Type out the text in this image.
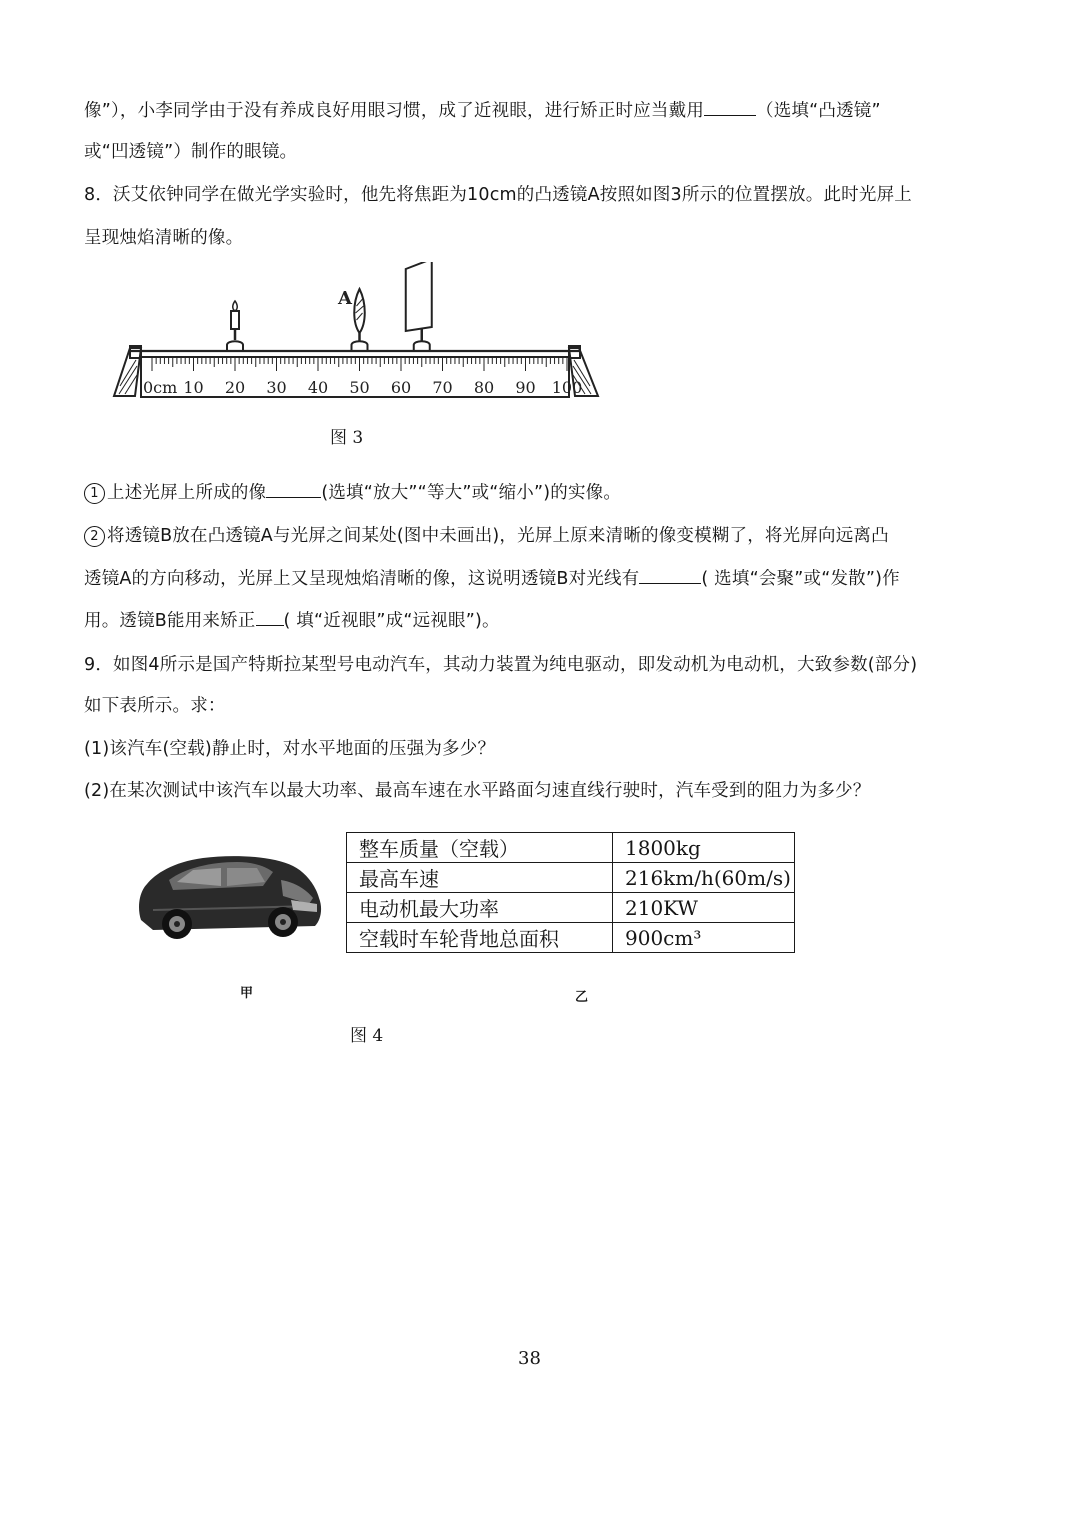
像”），小李同学由于没有养成良好用眼习惯，成了近视眼，进行矫正时应当戴用	（选填“凸透镜”
或“凹透镜”）制作的眼镜。
8．沃艾依钟同学在做光学实验时，他先将焦距为10cm的凸透镜A按照如图3所示的位置摆放。此时光屏上
呈现烛焰清晰的像。
0cm 10 20 30 40 50 60 70 80 90 100
A
图 3
1 上述光屏上所成的像	(选填“放大”“等大”或“缩小”)的实像。
2 将透镜B放在凸透镜A与光屏之间某处(图中未画出)，光屏上原来清晰的像变模糊了，将光屏向远离凸
透镜A的方向移动，光屏上又呈现烛焰清晰的像，这说明透镜B对光线有	( 选填“会聚”或“发散”)作
用。透镜B能用来矫正 ( 填“近视眼”成“远视眼”)。
9．如图4所示是国产特斯拉某型号电动汽车，其动力装置为纯电驱动，即发动机为电动机，大致参数(部分)
如下表所示。求：
(1)该汽车(空载)静止时，对水平地面的压强为多少？
(2)在某次测试中该汽车以最大功率、最高车速在水平路面匀速直线行驶时，汽车受到的阻力为多少？
整车质量（空载）	1800kg
最高车速	216km/h(60m/s)
电动机最大功率	210KW
空载时车轮背地总面积	900cm³
甲	乙
图 4
38
